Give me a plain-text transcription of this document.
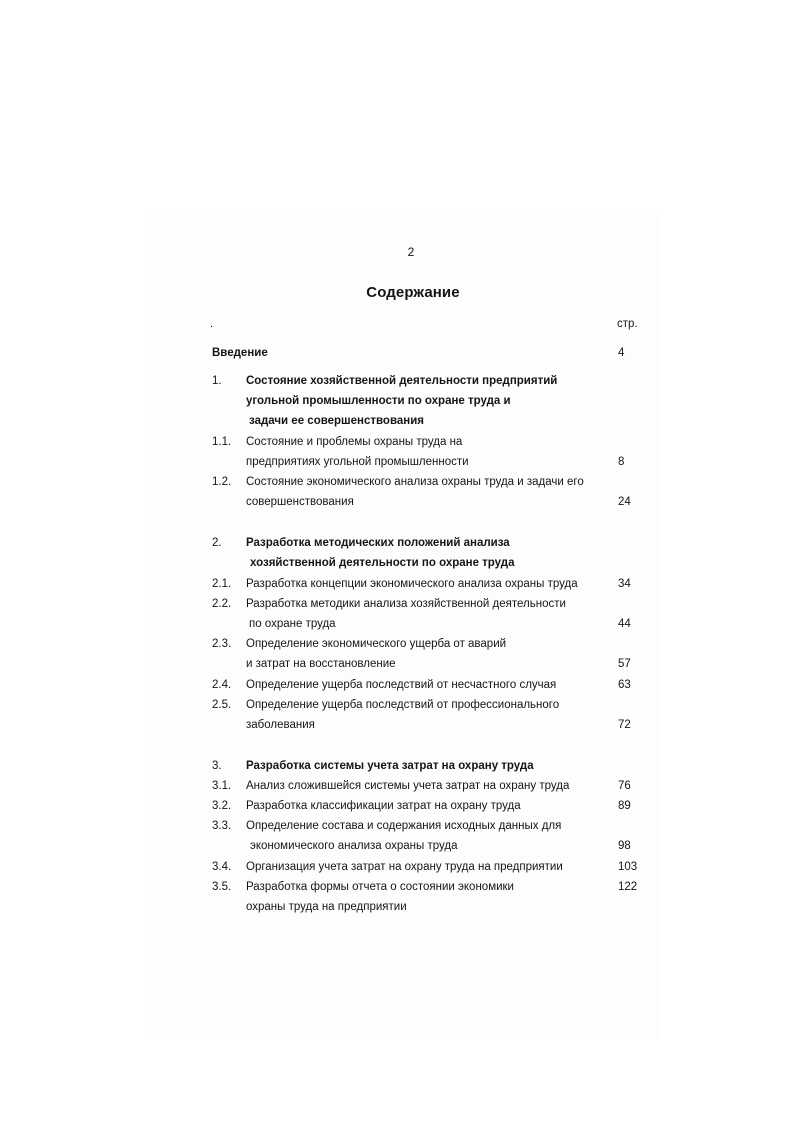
2
Содержание
.	стр.
Введение	4
1. Состояние хозяйственной деятельности предприятий
угольной промышленности по охране труда и
задачи ее совершенствования
1.1. Состояние и проблемы охраны труда на
предприятиях угольной промышленности	8
1.2. Состояние экономического анализа охраны труда и задачи его
совершенствования	24
2. Разработка методических положений анализа
хозяйственной деятельности по охране труда
2.1. Разработка концепции экономического анализа охраны труда	34
2.2. Разработка методики анализа хозяйственной деятельности
по охране труда	44
2.3. Определение экономического ущерба от аварий
и затрат на восстановление	57
2.4. Определение ущерба последствий от несчастного случая	63
2.5. Определение ущерба последствий от профессионального
заболевания	72
3. Разработка системы учета затрат на охрану труда
3.1. Анализ сложившейся системы учета затрат на охрану труда	76
3.2. Разработка классификации затрат на охрану труда	89
3.3. Определение состава и содержания исходных данных для
экономического анализа охраны труда	98
3.4. Организация учета затрат на охрану труда на предприятии	103
3.5. Разработка формы отчета о состоянии экономики	122
охраны труда на предприятии
